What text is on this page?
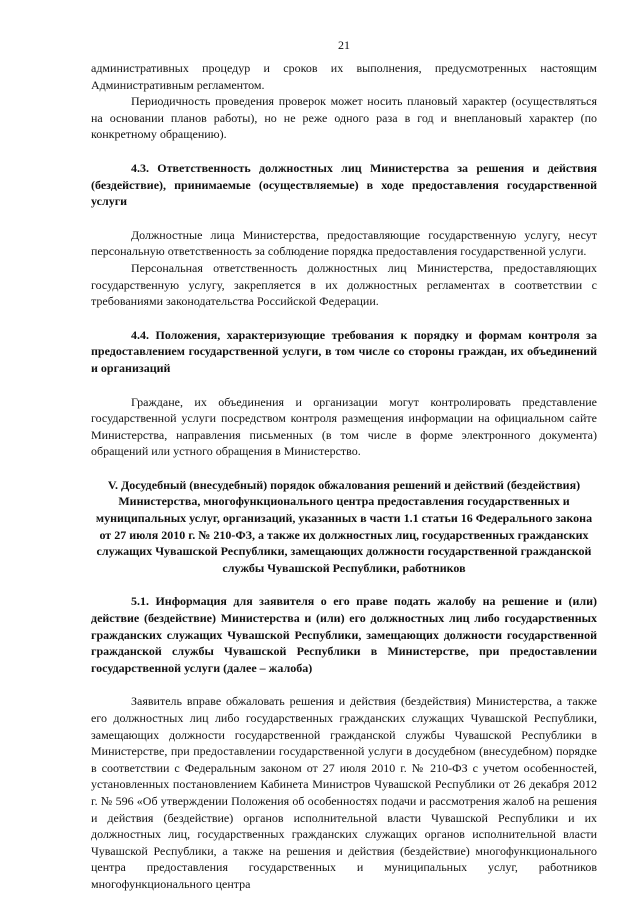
21

административных процедур и сроков их выполнения, предусмотренных настоящим Административным регламентом.

Периодичность проведения проверок может носить плановый характер (осуществляться на основании планов работы), но не реже одного раза в год и внеплановый характер (по конкретному обращению).

4.3. Ответственность должностных лиц Министерства за решения и действия (бездействие), принимаемые (осуществляемые) в ходе предоставления государственной услуги

Должностные лица Министерства, предоставляющие государственную услугу, несут персональную ответственность за соблюдение порядка предоставления государственной услуги.

Персональная ответственность должностных лиц Министерства, предоставляющих государственную услугу, закрепляется в их должностных регламентах в соответствии с требованиями законодательства Российской Федерации.

4.4. Положения, характеризующие требования к порядку и формам контроля за предоставлением государственной услуги, в том числе со стороны граждан, их объединений и организаций

Граждане, их объединения и организации могут контролировать представление государственной услуги посредством контроля размещения информации на официальном сайте Министерства, направления письменных (в том числе в форме электронного документа) обращений или устного обращения в Министерство.

V. Досудебный (внесудебный) порядок обжалования решений и действий (бездействия) Министерства, многофункционального центра предоставления государственных и муниципальных услуг, организаций, указанных в части 1.1 статьи 16 Федерального закона от 27 июля 2010 г. № 210-ФЗ, а также их должностных лиц, государственных гражданских служащих Чувашской Республики, замещающих должности государственной гражданской службы Чувашской Республики, работников

5.1. Информация для заявителя о его праве подать жалобу на решение и (или) действие (бездействие) Министерства и (или) его должностных лиц либо государственных гражданских служащих Чувашской Республики, замещающих должности государственной гражданской службы Чувашской Республики в Министерстве, при предоставлении государственной услуги (далее – жалоба)

Заявитель вправе обжаловать решения и действия (бездействия) Министерства, а также его должностных лиц либо государственных гражданских служащих Чувашской Республики, замещающих должности государственной гражданской службы Чувашской Республики в Министерстве, при предоставлении государственной услуги в досудебном (внесудебном) порядке в соответствии с Федеральным законом от 27 июля 2010 г. № 210-ФЗ с учетом особенностей, установленных постановлением Кабинета Министров Чувашской Республики от 26 декабря 2012 г. № 596 «Об утверждении Положения об особенностях подачи и рассмотрения жалоб на решения и действия (бездействие) органов исполнительной власти Чувашской Республики и их должностных лиц, государственных гражданских служащих органов исполнительной власти Чувашской Республики, а также на решения и действия (бездействие) многофункционального центра предоставления государственных и муниципальных услуг, работников многофункционального центра
